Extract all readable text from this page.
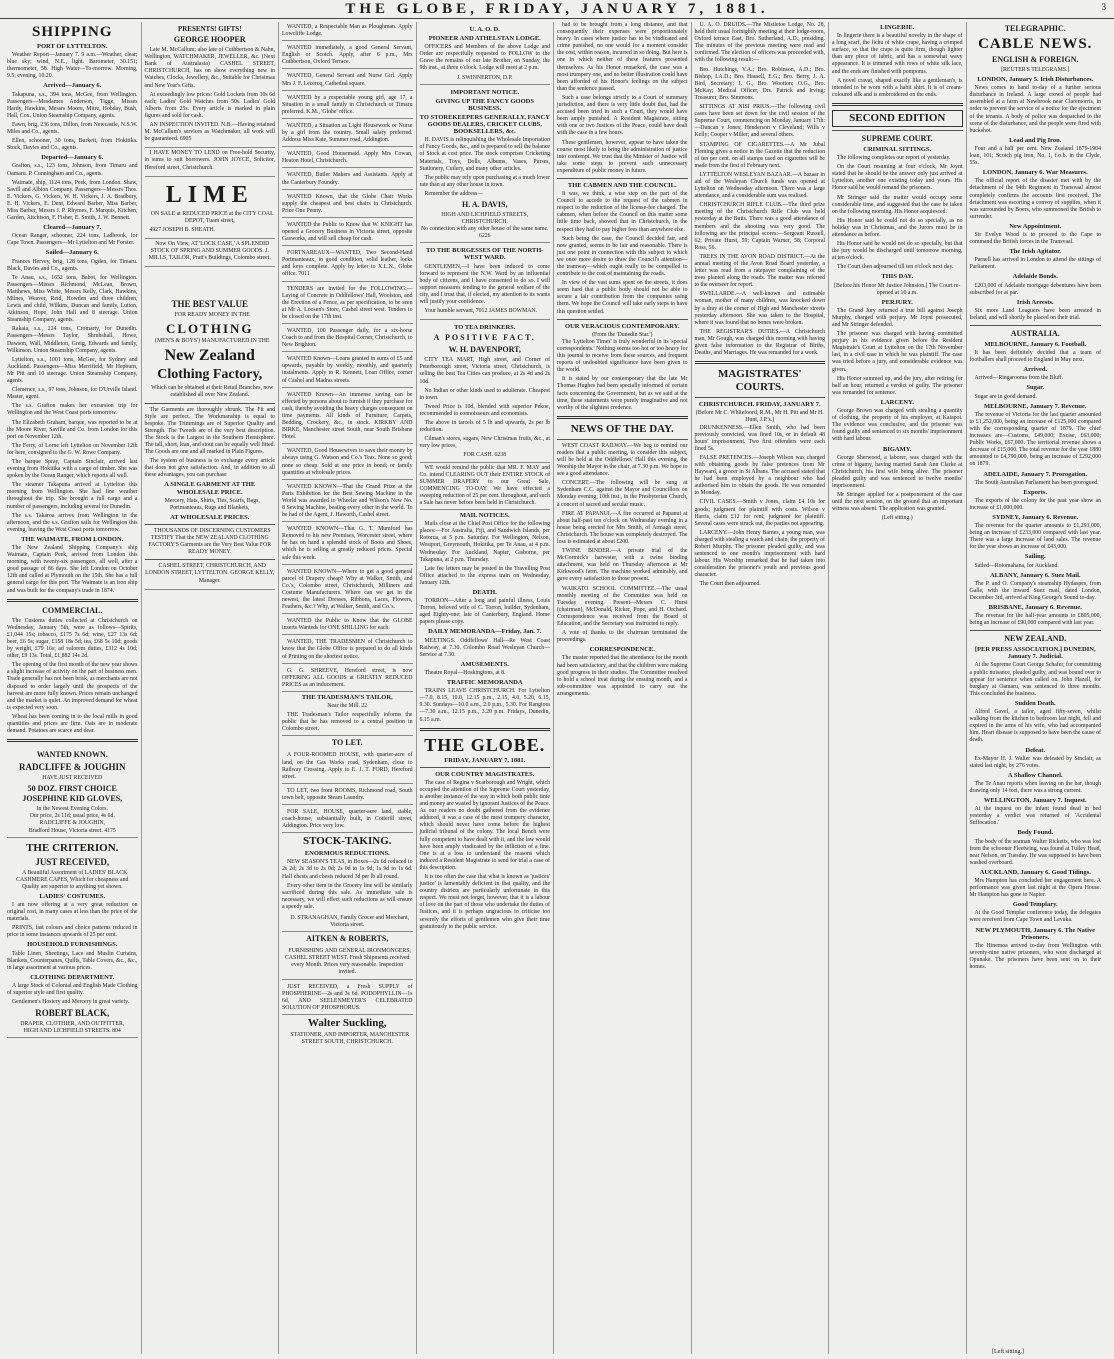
THE GLOBE, FRIDAY, JANUARY 7, 1881.	3
SHIPPING
PORT OF LYTTELTON.

Weather Report—January 7. 9 a.m.—Weather, clear; blue sky; wind, N.E., light. Barometer, 30.151; thermometer, 58. High Water—To-morrow. Morning, 9.5; evening, 10.20.

Arrived—January 6.

Takapuna, s.s., 394 tons, McGee, from Wellington. Passengers—Mesdames Anderson, Tigge, Misses Hardy, Hawkins, Messrs Moore, Mitre, Hobday, Bush, Hall, Cox. Union Steamship Company, agents.

Fawn, brig, 236 tons, Dillon, from Newcastle, N.S.W. Miles and Co., agents.

Ellen, schooner, 30 tons, Burkett, from Hokitika. Stock, Davies and Co., agents.

Departed—January 6.

Grafton, s.s., 123 tons, Johnson, from Timaru and Oamaru. P. Cunningham and Co., agents.

Waimate, ship, 1124 tons, Peek, from London. Shaw, Savill and Albion Company. Passengers—Messrs Thos. E. Vickers, G. Vickers, W. H. Vickers, J. A. Bradbury, E. H. Vickers, E. Dent, Edward Barber, Miss Barber, Miss Barber, Messrs J. P. Rhymes, F. Marquis, Kitchen, Garden, Aitchison, F. Fisher, E. Smith, J. W. Bennett.

Cleared—January 7.

Ocean Ranger, schooner, 224 tons, Ladbrook, for Cape Town. Passengers—Mr Lyttelton and Mr Forster.

Sailed—January 6.

Frances Hervey, brig, 128 tons, Ogden, for Timaru. Black, Davies and Co., agents.

Te Anau, s.s., 1652 tons, Babot, for Wellington. Passengers—Misses Richmond, McLean, Brown, Matthews, Miss White, Messrs Kelly, Clark, Hawkins, Milnes, Weaver, Reid, Howden and three children, Lewis and child, Wilkins, Duncan and family, Lutton, Atkinson, Hope, John Hall and 8 steerage. Union Steamship Company, agents.

Rakaia, s.s., 224 tons, Cromarty, for Dunedin. Passengers—Messrs Taylor, Shrubshall, Howe, Dawson, Wall, Middleton, Greig, Edwards and family, Wilkinson. Union Steamship Company, agents.

Lyttelton, s.s., 1001 tons, McGee, for Sydney and Auckland. Passengers—Miss Merrifield, Mr Hepburn, Mr Pitt and 10 steerage. Union Steamship Company, agents.

Clemence, s.s., 97 tons, Johnson, for D'Urville Island. Master, agent.

The s.s. Grafton makes her excursion trip for Wellington and the West Coast ports tomorrow.

The Elizabeth Graham, barque, was reported to be at the Moore River, Saville and Co. from London for this port on November 12th.

The Ferry, of Lorne left Lyttelton on November 12th for here, consigned to the G. W. Rowe Company.

The barque Spray, Captain Sinclair, arrived last evening from Hokitika with a cargo of timber. She was spoken by the Ocean Ranger, which reports all well.

The steamer Takapuna arrived at Lyttelton this morning from Wellington. She had fine weather throughout the trip. She brought a full cargo and a number of passengers, including several for Dunedin.

The s.s. Takaroa arrives from Wellington in the afternoon, and the s.s. Grafton sails for Wellington this evening, leaving the West Coast ports tomorrow.

THE WAIMATE, FROM LONDON.

The New Zealand Shipping Company's ship Waimate, Captain Peek, arrived from London this morning, with twenty-six passengers, all well, after a good passage of 86 days. She left London on October 12th and called at Plymouth on the 15th. She has a full general cargo for this port. The Waimate is an iron ship and was built for the company's trade in 1874.

COMMERCIAL.

The Customs duties collected at Christchurch on Wednesday, January 5th, were as follows—Spirits, £1,044 15s; tobacco, £175 7s 6d; wine, £27 13s 6d; beer, £6 5s; sugar, £158 18s 5d; tea, £68 5s 10d; goods by weight, £79 16s; ad valorem duties, £312 4s 10d; other, £9 13s. Total, £1,882 14s 2d.

The opening of the first month of the new year shows a slight increase of activity on the part of business men. Trade generally has not been brisk, as merchants are not disposed to order largely until the prospects of the harvest are more fully known. Prices remain unchanged and the market is quiet. An improved demand for wheat is expected very soon.

Wheat has been coming in to the local mills in good quantities and prices are firm. Oats are in moderate demand. Potatoes are scarce and dear.

WANTED KNOWN.
RADCLIFFE & JOUGHIN
HAVE JUST RECEIVED
50 DOZ. FIRST CHOICE JOSEPHINE KID GLOVES,
In the Newest Evening Colors.
Our price, 2s 11d; usual price, 4s 6d.
RADCLIFFE & JOUGHIN,
Bradford House, Victoria street. 4175
THE CRITERION.
JUST RECEIVED,

A Beautiful Assortment of LADIES' BLACK CASHMERE CAPES, Which for cheapness and Quality are superior to anything yet shown.

LADIES' COSTUMES.

I am now offering at a very great reduction on original cost, in many cases at less than the price of the materials.

PRINTS, fast colours and choice patterns reduced in price in some instances upwards of 25 per cent.

HOUSEHOLD FURNISHINGS.

Table Linen, Sheetings, Lace and Muslin Curtains, Blankets, Counterpanes, Quilts, Table Covers, &c., &c., in large assortment at various prices.

CLOTHING DEPARTMENT.

A large Stock of Colonial and English Made Clothing of superior style and first quality.

Gentlemen's Hosiery and Mercery in great variety.

ROBERT BLACK,
DRAPER, CLOTHIER, AND OUTFITTER,
HIGH AND LICHFIELD STREETS. 804
PRESENTS! GIFTS!
GEORGE HOOPER

Late M. McCallum; also late of Cuthbertson & Nahn, Wellington, WATCHMAKER, JEWELLER, &c. (Next Bank of Australasia) CASHEL STREET, CHRISTCHURCH, has on show everything new in Watches, Clocks, Jewellery, &c., Suitable for Christmas and New Year's Gifts.

At exceedingly low prices: Gold Lockets from 10s 6d each; Ladies' Gold Watches from 50s. Ladies' Gold Alberts from 25s. Every article is marked in plain figures and sold for cash.

AN INSPECTION INVITED. N.B.—Having retained M. McCallum's services as Watchmaker, all work will be guaranteed. 6905

I HAVE MONEY TO LEND on Free-hold Security, in sums to suit borrowers. JOHN JOYCE, Solicitor, Hereford street, Christchurch.

LIME

ON SALE at REDUCED PRICE at the CITY COAL DEPOT, Tuam street,

4927 JOSEPH B. SHEATH.

Now On View, AT 'LOCK CASE,' A SPLENDID STOCK OF SPRING AND SUMMER GOODS. J. MILLS, TAILOR, Pratt's Buildings, Colombo street.

THE BEST VALUE

FOR READY MONEY IN THE

CLOTHING

(MEN'S & BOYS') MANUFACTURED IN THE

New Zealand
Clothing Factory,

Which can be obtained at their Retail Branches, now established all over New Zealand.

The Garments are thoroughly shrunk. The Fit and Style are perfect. The Workmanship is equal to bespoke. The Trimmings are of Superior Quality and Strength. The Tweeds are of the very best description. The Stock is the Largest in the Southern Hemisphere. The tall, short, lean, and stout can be equally well fitted. The Goods are one and all marked in Plain Figures.

The system of business is to exchange every article that does not give satisfaction. And, in addition to all these advantages, you can purchase

A SINGLE GARMENT AT THE WHOLESALE PRICE.

Mercery, Hats, Shirts, Ties, Scarfs, Bags, Portmanteaus, Rugs and Blankets,

AT WHOLESALE PRICES.

THOUSANDS OF DISCERNING CUSTOMERS TESTIFY That the NEW ZEALAND CLOTHING FACTORY'S Garments are the Very Best Value FOR READY MONEY.

CASHEL STREET, CHRISTCHURCH, AND LONDON STREET, LYTTELTON. GEORGE KELLY, Manager.

WANTED, a Respectable Man as Ploughman. Apply Lowcliffe Lodge.

WANTED immediately, a good General Servant, English or Scotch. Apply, after 6 p.m., Mrs Cuthbertson, Oxford Terrace.

WANTED, General Servant and Nurse Girl. Apply Mrs J. F. Lecercq, Cathedral square.

WANTED by a respectable young girl, age 17, a Situation in a small family in Christchurch or Timaru preferred. K.M., 'Globe' office.

WANTED, a Situation as Light Housework or Nurse by a girl from the country. Small salary preferred. Address Miss Kate, Summer road, Addington.

WANTED, Good Housemaid. Apply Mrs Cowan, Heaton Hotel, Christchurch.

WANTED, Butler Makers and Assistants. Apply at the Canterbury Foundry.

WANTED Known, that the Globe Chair Works supply the cheapest and best chairs in Christchurch. Price One Penny.

WANTED the Public to Know that W. KNIGHT has opened a Grocery Business in Victoria street, opposite Gasworks, and will sell cheap for cash.

FORTNAREAUX—WANTED, Two Second-Hand Portmanteaux, in good condition, solid leather, locks and keys complete. Apply by letter to X.L.N., Globe office. 7011

TENDERS are invited for the FOLLOWING:—Laying of Concrete in Oddfellows' Hall, Woolston, and the Erection of a Fence, as per specification, to be seen at Mr A. Loosen's Store, Cashel street west. Tenders to be closed on the 17th inst.

WANTED, 100 Passenger daily, for a six-horse Coach to and from the Hospital Corner, Christchurch, to New Brighton.

WANTED Known—Loans granted in sums of £5 and upwards, payable by weekly, monthly, and quarterly instalments. Apply to R. Kennett, Loan Office, corner of Cashel and Madras streets.

WANTED Known—An immense saving can be effected by persons about to furnish if they purchase for cash, thereby avoiding the heavy charges consequent on time payments. All kinds of Furniture, Carpets, Bedding, Crockery, &c., in stock. KIRKBY AND BIRKE, Manchester street South, near South Brisbane Hotel.

WANTED, Good Housewives to save their money by always using G. Watson and Co.'s Teas. None so good; none so cheap. Sold at one price in bond; or family quantities at wholesale prices.

WANTED KNOWN—That the Grand Prize at the Paris Exhibition for the Best Sewing Machine in the World was awarded to Wheeler and Wilson's New No. 8 Sewing Machine, beating every other in the world. To be had of the Agent, J. Haworth, Cashel street.

WANTED KNOWN—That G. T. Mumford has Removed to his new Premises, Worcester street, where he has on hand a splendid stock of Boots and Shoes, which he is selling at greatly reduced prices. Special sale this week.

WANTED KNOWN—Where to get a good general parcel of Drapery cheap? Why at Walker, Smith, and Co.'s, Colombo street, Christchurch, Milliners and Costume Manufacturers. Where can we get in the newest, the latest Dresses, Ribbons, Laces, Flowers, Feathers, &c.? Why, at Walker, Smith, and Co.'s.

WANTED the Public to Know that the GLOBE inserts Wanteds for ONE SHILLING for each.

WANTED, THE TRADESMEN of Christchurch to know that the Globe Office is prepared to do all kinds of Printing on the shortest notice.

G. G. SHREEVE, Hereford street, is now OFFERING ALL GOODS at GREATLY REDUCED PRICES as an inducement.

THE TRADESMAN'S TAILOR,
Near the Mill. 22

THE Tradesman's Tailor respectfully informs the public that he has removed to a central position in Colombo street.

TO LET.

A FOUR-ROOMED HOUSE, with quarter-acre of land, on the Gas Works road, Sydenham, close to Railway Crossing. Apply to E. J. T. FORD, Hereford street.

TO LET, two front ROOMS, Richmond road, South town belt, opposite Steam Laundry.

FOR SALE, HOUSE, quarter-acre land, stable, coach-house, substantially built, in Cotterill street, Addington. Price very low.

STOCK-TAKING.
ENORMOUS REDUCTIONS.

NEW SEASON'S TEAS, in Boxes—2s 6d reduced to 2s 2d; 2s 3d to 2s 0d; 2s 0d to 1s 9d; 1s 9d to 1s 6d. Half chests and chests reduced 3d per lb all round.

Every other item in the Grocery line will be similarly sacrificed during this sale. As immediate sale is necessary, we will effect such reductions as will ensure a speedy sale.

D. STRANAGHAN, Family Grocer and Merchant, Victoria street.

AITKEN & ROBERTS,

FURNISHING AND GENERAL IRONMONGERS, CASHEL STREET WEST. Fresh Shipments received every Month. Prices very reasonable. Inspection invited.

JUST RECEIVED, a Fresh SUPPLY of PHOSPHERINE—2s and 3s 6d. PODOPHYLLIN—1s 6d, AND SEELENMEYER'S CELEBRATED SOLUTION OF PHOSPHORUS.

Walter Suckling,

STATIONER, AND IMPORTER, MANCHESTER STREET SOUTH, CHRISTCHURCH.

U. A. O. D.
PIONEER AND ATHELSTAN LODGE.

OFFICERS and Members of the above Lodge and Order are respectfully requested to FOLLOW to the Grave the remains of our late Brother, on Sunday, the 9th inst., at three o'clock. Lodge will meet at 2 p.m.

J. SWINNERTON, D.P.
IMPORTANT NOTICE.
GIVING UP THE FANCY GOODS BUSINESS.
TO STOREKEEPERS GENERALLY, FANCY GOODS DEALERS, CRICKET CLUBS, BOOKSELLERS, &c.

H. DAVIS is relinquishing the Wholesale Importation of Fancy Goods, &c., and is prepared to sell the balance of Stock at cost price. The stock comprises Cricketing Materials, Toys, Dolls, Albums, Vases, Purses, Stationery, Cutlery, and many other articles.

The public may rely upon purchasing at a much lower rate than at any other house in town.

Remember the address—

H. A. DAVIS,
HIGH AND LICHFIELD STREETS, CHRISTCHURCH.
No connection with any other house of the same name. 6226
TO THE BURGESSES OF THE NORTH-WEST WARD.

GENTLEMEN,—I have been induced to come forward to represent the N.W. Ward by an influential body of citizens, and I have consented to do so. I will support measures tending to the general welfare of the city, and I trust that, if elected, my attention to its wants will justify your confidence.

Your humble servant, 7012 JAMES BOWMAN.

TO TEA DRINKERS.
A POSITIVE FACT.
W. H. DAVENPORT,

CITY TEA MART, High street, and Corner of Peterborough street, Victoria street, Christchurch, is selling the best Tea Cities can produce, at 2s 4d and 2s 10d.

No Indian or other kinds used to adulterate. Cheapest in town.

Tweed Price is 10d, blended with superior Pekoe, recommended to connoisseurs and economists.

The above in tarcels of 5 lb and upwards, 2s per lb reduction.

Cilman's stores, sugars, New Christmas fruits, &c., at very low prices,

FOR CASH. 6238

WE would remind the public that MR. F. MAY and Co. intend CLEARING OUT their ENTIRE STOCK of SUMMER DRAPERY to our Great Sale, COMMENCING TO-DAY. We have effected a sweeping reduction of 25 per cent. throughout, and such a Sale has never before been held in Christchurch.

MAIL NOTICES.

Mails close at the Chief Post Office for the following places:—For Australia, Fiji, and Sandwich Islands, per Rotorua, at 5 p.m. Saturday. For Wellington, Nelson, Westport, Greymouth, Hokitika, per Te Anau, at 4 p.m. Wednesday. For Auckland, Napier, Gisborne, per Takapuna, at 2 p.m. Thursday.

Late fee letters may be posted in the Travelling Post Office attached to the express train on Wednesday, January 12th.

DEATH.

TORRON—After a long and painful illness, Louis Torron, beloved wife of C. Torron, builder, Sydenham, aged Eighty-one; late of Canterbury, England. Home papers please copy.

DAILY MEMORANDA—Friday, Jan. 7.

MEETINGS. Oddfellows' Hall—Re West Coast Railway, at 7.30. Colombo Road Wesleyan Church—Service at 7.30.

AMUSEMENTS.

Theatre Royal—Hoskingtons, at 8.

TRAFFIC MEMORANDA

TRAINS LEAVE CHRISTCHURCH. For Lyttelton—7.0, 8.15, 10.0, 12.15 p.m., 2.15, 4.0, 5.20, 6.15, 9.30. Sundays—10.0 a.m., 2.0 p.m., 5.30. For Rangiora—7.30 a.m., 12.15 p.m., 3.20 p.m. Fridays, Dunedin, 6.15 a.m.

THE GLOBE.
FRIDAY, JANUARY 7, 1881.
OUR COUNTRY MAGISTRATES.

The case of Regina v Scarborough and Wright, which occupied the attention of the Supreme Court yesterday, is another instance of the way in which both public time and money are wasted by ignorant Justices of the Peace. As our readers no doubt gathered from the evidence adduced, it was a case of the most trumpery character, which should never have come before the highest judicial tribunal of the colony. The local Bench were fully competent to have dealt with it, and the law would have been amply vindicated by the infliction of a fine. One is at a loss to understand the reasons which induced a Resident Magistrate to send for trial a case of this description.

It is too often the case that what is known as 'justices' justice' is lamentably deficient in that quality, and the country districts are particularly unfortunate in this respect. We must not forget, however, that it is a labour of love on the part of those who undertake the duties of Justices, and it is perhaps ungracious to criticise too severely the efforts of gentlemen who give their time gratuitously to the public service.

had to be brought from a long distance, and that consequently their expenses were proportionately heavy. In cases where justice has to be vindicated and crime punished, no one would for a moment consider the cost, within reason, incurred in so doing. But here is one in which neither of these features presented themselves. As his Honor remarked, the case was a most trumpery one, and no better illustration could have been afforded of his Honor's feelings on the subject than the sentence passed.

Such a case belongs strictly to a Court of summary jurisdiction, and there is very little doubt that, had the accused been tried in such a Court, they would have been amply punished. A Resident Magistrate, sitting with one or two Justices of the Peace, could have dealt with the case in a few hours.

These gentlemen, however, appear to have taken the course most likely to bring the administration of justice into contempt. We trust that the Minister of Justice will take some steps to prevent such unnecessary expenditure of public money in future.

THE CABMEN AND THE COUNCIL.

It was, we think, a wise step on the part of the Council to accede to the request of the cabmen in respect to the reduction of the license-fee charged. The cabmen, when before the Council on this matter some little time back, showed that in Christchurch, in the respect they had to pay higher fees than anywhere else.

Such being the case, the Council decided fair, and now granted, seems to be fair and reasonable. There is just one point in connection with this subject to which we once more desire to draw the Council's attention—the tramway—which ought really to be compelled to contribute to the cost of maintaining the roads.

In view of the vast sums spent on the streets, it does seem hard that a public body should not be able to secure a fair contribution from the companies using them. We hope the Council will take early steps to have this question settled.

OUR VERACIOUS CONTEMPORARY.
(From the 'Dunedin Star.')

The 'Lyttelton Times' is truly wonderful in its 'special correspondents.' Nothing seems too hot or too heavy for this journal to receive from these sources, and frequent reports of undoubted significance have been given to the world.

It is stated by our contemporary that the late Mr Thomas Hughes had been specially informed of certain facts concerning the Government, but as we said at the time, these statements were purely imaginative and not worthy of the slightest credence.

NEWS OF THE DAY.

WEST COAST RAILWAY.—We beg to remind our readers that a public meeting, to consider this subject, will be held at the Oddfellows' Hall this evening, the Worship the Mayor in the chair, at 7.30 p.m. We hope to see a good attendance.

CONCERT.—The following will be sung at Sydenham C.C. against the Mayor and Councillors on Monday evening, 10th inst., in the Presbyterian Church, a concert of sacred and secular music.

FIRE AT PAPANUI.—A fire occurred at Papanui at about half-past ten o'clock on Wednesday evening in a house being erected for Mrs Smith, of Armagh street, Christchurch. The house was completely destroyed. The loss is estimated at about £200.

TWINE BINDER.—A private trial of the McCormick's harvester, with a twine binding attachment, was held on Thursday afternoon at Mr Kirkwood's farm. The machine worked admirably, and gave every satisfaction to those present.

WAIKATO SCHOOL COMMITTEE.—The usual monthly meeting of the Committee was held on Tuesday evening. Present—Messrs C. Hurst (chairman), McDonald, Ricker, Pope, and H. Orchard. Correspondence was received from the Board of Education, and the Secretary was instructed to reply.

A vote of thanks to the chairman terminated the proceedings.

CORRESPONDENCE.

The master reported that the attendance for the month had been satisfactory, and that the children were making good progress in their studies. The Committee resolved to hold a school treat during the ensuing month, and a sub-committee was appointed to carry out the arrangements.

U. A. O. DRUIDS.—The Mistletoe Lodge, No. 28, held their usual fortnightly meeting at their lodge-room, Oxford terrace East, Bro. Sutherland, A.D., presiding. The minutes of the previous meeting were read and confirmed. The election of officers was proceeded with, with the following result:—

Bro. Hutchings, V.A.; Bro. Robinson, A.D.; Bro. Bishop, I.A.D.; Bro. Hassell, E.G.; Bro. Berry, J. A. Bird, Secretary; J. G., Bro. Wootton; O.G., Bro. McKay; Medical Officer, Drs. Patrick and Irving; Treasurer, Bro. Simmons.

SITTINGS AT NISI PRIUS.—The following civil cases have been set down for the civil session of the Supreme Court, commencing on Monday, January 17th:—Duncan v Jones; Henderson v Cleveland; Wills v Kelly; Cooper v Miller; and several others.

STAMPING OF CIGARETTES.—A Mr Jubal Fleming gives a notice in the Gazette that the reduction of ten per cent. on all stamps used on cigarettes will be made from the first of February next.

LYTTELTON WESLEYAN BAZAAR.—A bazaar in aid of the Wesleyan Church funds was opened at Lyttelton on Wednesday afternoon. There was a large attendance, and a considerable sum was realised.

CHRISTCHURCH RIFLE CLUB.—The third prize meeting of the Christchurch Rifle Club was held yesterday at the Butts. There was a good attendance of members and the shooting was very good. The following are the principal scores:—Sergeant Russell, 62; Private Hurst, 59; Captain Warner, 58; Corporal Ross, 56.

TREES IN THE AVON ROAD DISTRICT.—At the annual meeting of the Avon Road Board yesterday, a letter was read from a ratepayer complaining of the trees planted along the roads. The matter was referred to the overseer for report.

SWELLARDE.—A well-known and estimable woman, mother of many children, was knocked down by a dray at the corner of High and Manchester streets yesterday afternoon. She was taken to the Hospital, where it was found that no bones were broken.

THE REGISTRAR'S DUTIES.—A Christchurch man, Mr Gough, was charged this morning with having given false information to the Registrar of Births, Deaths, and Marriages. He was remanded for a week.

MAGISTRATES' COURTS.
CHRISTCHURCH. FRIDAY, JANUARY 7.
(Before Mr C. Whitefoord, R.M., Mr H. Pitt and Mr H. Hunt, J.P.'s.)

DRUNKENNESS.—Ellen Smith, who had been previously convicted, was fined 10s, or in default 48 hours' imprisonment. Two first offenders were each fined 5s.

FALSE PRETENCES.—Joseph Wilson was charged with obtaining goods by false pretences from Mr Hayward, a grocer in St Albans. The accused stated that he had been employed by a neighbour who had authorised him to obtain the goods. He was remanded to Monday.

CIVIL CASES.—Smith v Jones, claim £4 10s for goods; judgment for plaintiff with costs. Wilson v Harris, claim £12 for rent; judgment for plaintiff. Several cases were struck out, the parties not appearing.

LARCENY.—John Henry Barnes, a young man, was charged with stealing a watch and chain, the property of Robert Murphy. The prisoner pleaded guilty, and was sentenced to one month's imprisonment with hard labour. His Worship remarked that he had taken into consideration the prisoner's youth and previous good character.

The Court then adjourned.

LINGERIE.

In lingerie there is a beautiful novelty in the shape of a long scarf, the fichu of white crape, having a crimped surface, so that the crape is quite firm, though lighter than any piece of fabric, and has a somewhat wavy appearance. It is trimmed with rows of white silk lace, and the ends are finished with pompoms.

A novel cravat, shaped exactly like a gentleman's, is intended to be worn with a habit shirt. It is of cream-coloured silk and is embroidered on the ends.

SECOND EDITION
SUPREME COURT.
CRIMINAL SITTINGS.

The following completes our report of yesterday.

On the Court resuming at four o'clock, Mr Joynt stated that he should be the answer only just arrived at Lyttelton, another one existing today and yours. His Honor said he would remand the prisoners.

Mr Stringer said the matter would occupy some considerable time, and suggested that the case be taken on the following morning. His Honor acquiesced.

His Honor said he could not do so specially, as no holiday was in Christmas, and the Jurors must be in attendance as before.

His Honor said he would not do so specially, but that the jury would be discharged until tomorrow morning, at ten o'clock.

The Court then adjourned till ten o'clock next day.

THIS DAY.
[Before his Honor Mr Justice Johnston.] The Court re-opened at 10 a.m.
PERJURY.

The Grand Jury returned a true bill against Joseph Murphy, charged with perjury. Mr Joynt prosecuted, and Mr Stringer defended.

The prisoner was charged with having committed perjury in his evidence given before the Resident Magistrate's Court at Lyttelton on the 17th November last, in a civil case in which he was plaintiff. The case was tried before a jury, and considerable evidence was given.

His Honor summed up, and the jury, after retiring for half an hour, returned a verdict of guilty. The prisoner was remanded for sentence.

LARCENY.

George Brown was charged with stealing a quantity of clothing, the property of his employer, at Kaiapoi. The evidence was conclusive, and the prisoner was found guilty and sentenced to six months' imprisonment with hard labour.

BIGAMY.

George Sherwood, a laborer, was charged with the crime of bigamy, having married Sarah Ann Clarke at Christchurch, his first wife being alive. The prisoner pleaded guilty and was sentenced to twelve months' imprisonment.

Mr Stringer applied for a postponement of the case until the next session, on the ground that an important witness was absent. The application was granted.

(Left sitting.)
TELEGRAPHIC.
CABLE NEWS.
ENGLISH & FOREIGN.
[REUTER'S TELEGRAMS.]
LONDON, January 5. Irish Disturbances.

News comes to hand to-day of a further serious disturbance in Ireland. A large crowd of people had assembled at a farm at Newbrook near Claremorris, in order to prevent the service of a notice for the ejectment of the tenants. A body of police was despatched to the scene of the disturbance, and the people were fired with buckshot.

Lead and Pig Iron.

Four and a half per cent. New Zealand 1879-1904 loan, 101; Scotch pig iron, No. 1, f.o.b. in the Clyde, 55s.

LONDON, January 6. War Measures.

The official report of the disaster met with by the detachment of the 94th Regiment in Transvaal almost completely confirms the accounts first received. The detachment was escorting a convoy of supplies, when it was surrounded by Boers, who summoned the British to surrender.

New Appointment.

Sir Evelyn Wood is to proceed to the Cape to command the British forces in the Transvaal.

The Irish Agitator.

Parnell has arrived in London to attend the sittings of Parliament.

Adelaide Bonds.

£203,000 of Adelaide mortgage debentures have been subscribed for at par.

Irish Arrests.

Six more Land Leaguers have been arrested in Ireland, and will shortly be placed on their trial.

AUSTRALIA.
MELBOURNE, January 6. Football.

It has been definitely decided that a team of footballers shall proceed to England in May next.

Arrived.

Arrived—Ringarooma from the Bluff.

Sugar.

Sugar are in good demand.

MELBOURNE, January 7. Revenue.

The revenue of Victoria for the last quarter amounted to £1,252,000, being an increase of £125,000 compared with the corresponding quarter of 1879. The chief increases are—Customs, £49,000; Excise, £63,000; Public Works, £67,000. The territorial revenue shows a decrease of £15,000. The total revenue for the year 1880 amounted to £4,790,000, being an increase of £292,000 on 1879.

ADELAIDE, January 7. Prorogation.

The South Australian Parliament has been prorogued.

Exports.

The exports of the colony for the past year show an increase of £1,000,000.

SYDNEY, January 6. Revenue.

The revenue for the quarter amounts to £1,293,000, being an increase of £233,000 compared with last year. There was a large increase of land sales. The revenue for the year shows an increase of £43,000.

Sailing.

Sailed—Rotomahana, for Auckland.

ALBANY, January 6. Suez Mail.

The P. and O. Company's steamship Hydaspes, from Galle, with the inward Suez mail, dated London, December 3rd, arrived at King George's Sound to-day.

BRISBANE, January 6. Revenue.

The revenue for the half-year amounts to £805,000, being an increase of £90,000 compared with last year.

NEW ZEALAND.
[PER PRESS ASSOCIATION.] DUNEDIN, January 7. Judicial.

At the Supreme Court George Schafer, for committing a public nuisance, pleaded guilty, and was bound over to appear for sentence when called on. John Hazell, for burglary at Oamaru, was sentenced to three months. This concluded the business.

Sudden Death.

Alfred Gavel, a tailor, aged fifty-seven, whilst walking from the kitchen to bedroom last night, fell and expired in the arms of his wife, who had accompanied him. Heart disease is supposed to have been the cause of death.

Defeat.

Ex-Mayor H. J. Walter was defeated by Sinclair, as stated last night, by 276 votes.

A Shallow Channel.

The Te Anau reports when leaving on the bar, though drawing only 14 feet, there was a strong current.

WELLINGTON, January 7. Inquest.

At the inquest on the infant found dead in bed yesterday a verdict was returned of 'Accidental Suffocation.'

Body Found.

The body of the seaman Walter Ricketts, who was lost from the schooner Fleetwing, was found at Tulley Head, near Nelson, on Tuesday. He was supposed to have been washed overboard.

AUCKLAND, January 6. Good Tidings.

Mrs Hampton has concluded her engagement here. A performance was given last night at the Opera House. Mr Hampton has gone to Napier.

Good Templary.

At the Good Templar conference today, the delegates were received from Cape Town and Levuka.

NEW PLYMOUTH, January 6. The Native Prisoners.

The Hinemoa arrived to-day from Wellington with seventy-nine native prisoners, who were discharged at Opunake. The prisoners have been sent on to their homes.

[Left sitting.]
